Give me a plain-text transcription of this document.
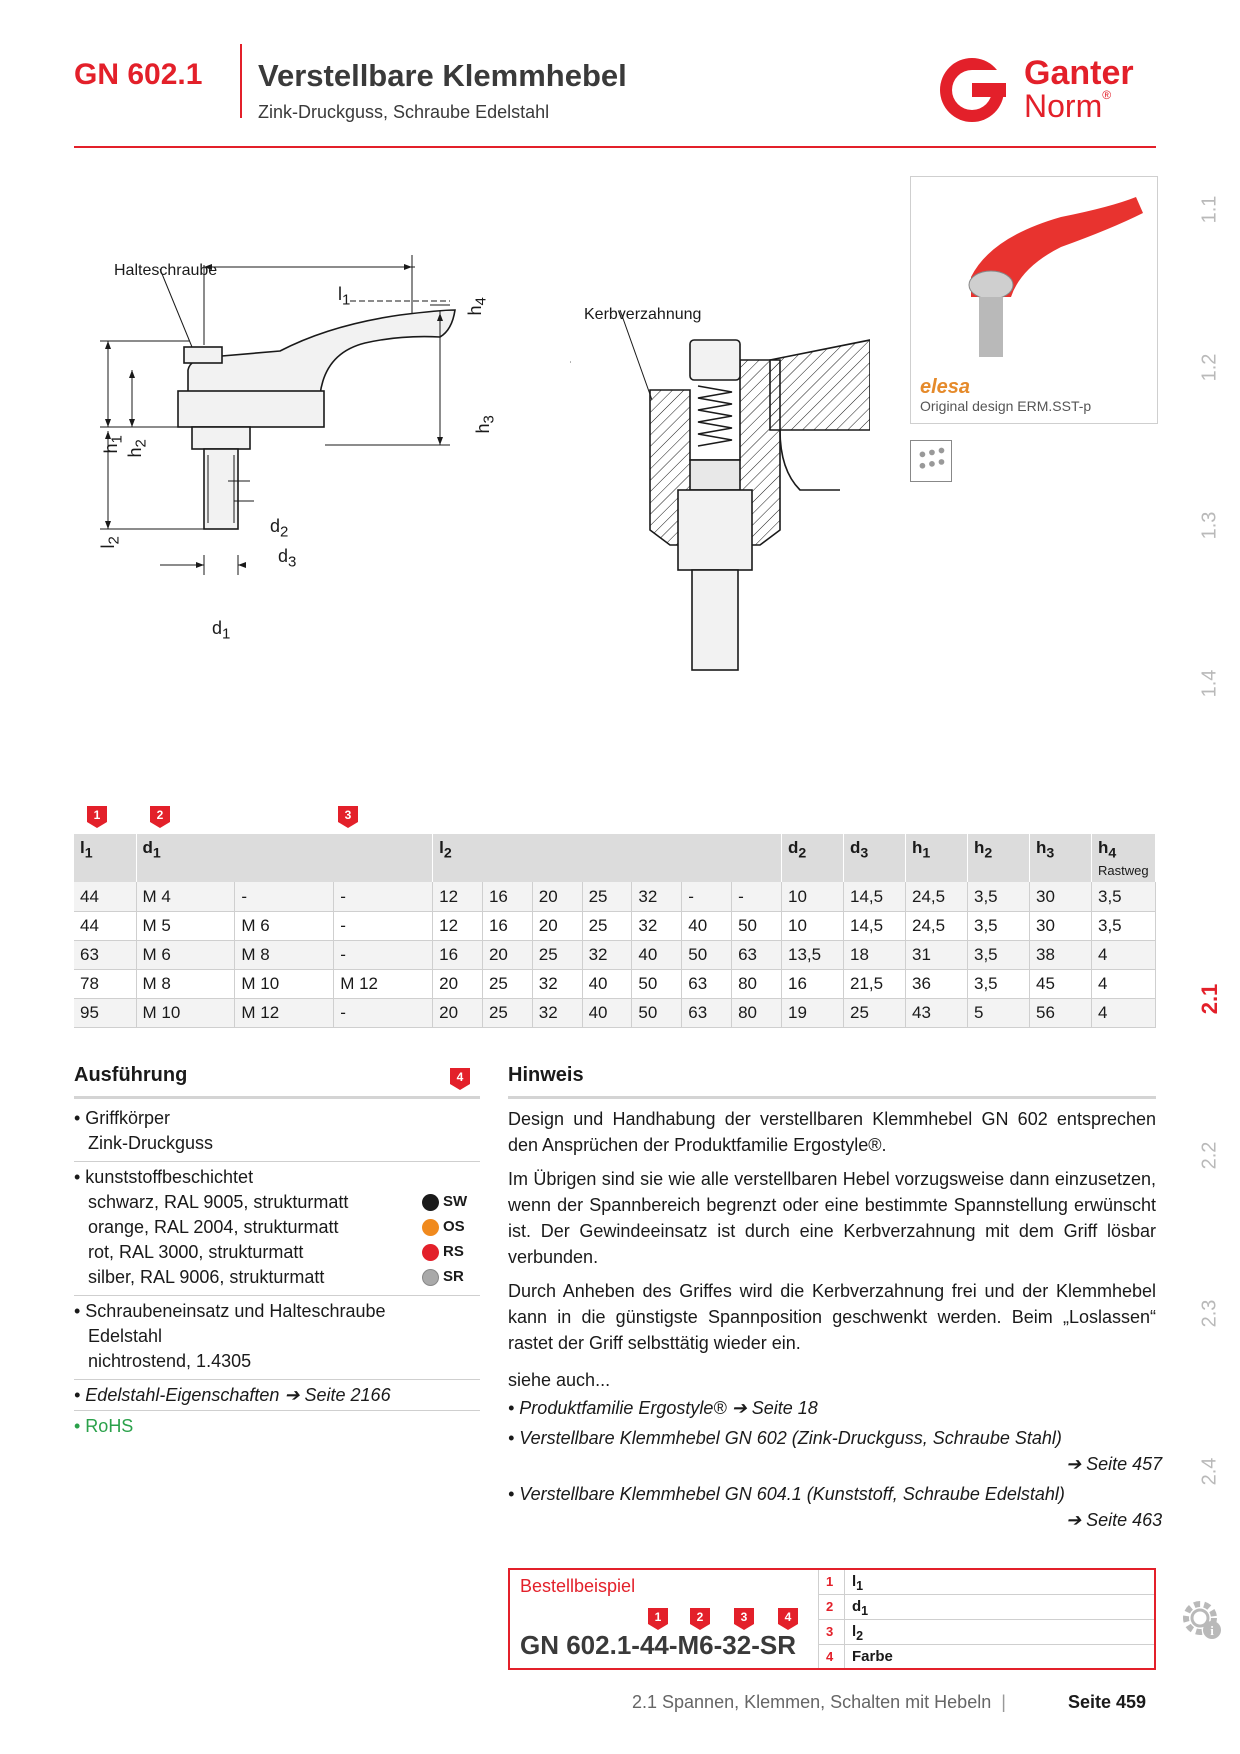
GN 602.1 Verstellbare Klemmhebel
Zink-Druckguss, Schraube Edelstahl
Ganter
Norm®
1.1
1.2
1.3
1.4
2.1
2.2
2.3
2.4
i
Halteschraube
$l_1$
$h_4$
$h_3$
$h_1$
$h_2$
$l_2$
$d_2$
$d_3$
$d_1$
Kerbverzahnung
elesa
Original design ERM.SST-p
1	2	3
$l_1$	$d_1$			$l_2$							$d_2$	$d_3$	$h_1$	$h_2$	$h_3$	$h_4$
Rastweg

44	M 4	-	-	12	16	20	25	32	-	-	10	14,5	24,5	3,5	30	3,5
44	M 5	M 6	-	12	16	20	25	32	40	50	10	14,5	24,5	3,5	30	3,5
63	M 6	M 8	-	16	20	25	32	40	50	63	13,5	18	31	3,5	38	4
78	M 8	M 10	M 12	20	25	32	40	50	63	80	16	21,5	36	3,5	45	4
95	M 10	M 12	-	20	25	32	40	50	63	80	19	25	43	5	56	4
Ausführung	4
• Griffkörper
Zink-Druckguss
• kunststoffbeschichtet
schwarz, RAL 9005, strukturmatt
orange, RAL 2004, strukturmatt
rot, RAL 3000, strukturmatt
silber, RAL 9006, strukturmatt
SW
OS
RS
SR
• Schraubeneinsatz und Halteschraube
Edelstahl
nichtrostend, 1.4305
• Edelstahl-Eigenschaften ➔ Seite 2166
• RoHS
Hinweis
Design und Handhabung der verstellbaren Klemmhebel GN 602 entsprechen den Ansprüchen der Produktfamilie Ergostyle®.
Im Übrigen sind sie wie alle verstellbaren Hebel vorzugsweise dann einzusetzen, wenn der Spannbereich begrenzt oder eine bestimmte Spannstellung erwünscht ist. Der Gewindeeinsatz ist durch eine Kerbverzahnung mit dem Griff lösbar verbunden.
Durch Anheben des Griffes wird die Kerbverzahnung frei und der Klemmhebel kann in die günstigste Spannposition geschwenkt werden. Beim „Loslassen“ rastet der Griff selbsttätig wieder ein.
siehe auch...
• Produktfamilie Ergostyle® ➔ Seite 18
• Verstellbare Klemmhebel GN 602 (Zink-Druckguss, Schraube Stahl)
➔ Seite 457
• Verstellbare Klemmhebel GN 604.1 (Kunststoff, Schraube Edelstahl)
➔ Seite 463
Bestellbeispiel
1	2	3	4
GN 602.1-44-M6-32-SR
1 $l_1$
2 $d_1$
3 $l_2$
4 Farbe
2.1 Spannen, Klemmen, Schalten mit Hebeln |	Seite 459
